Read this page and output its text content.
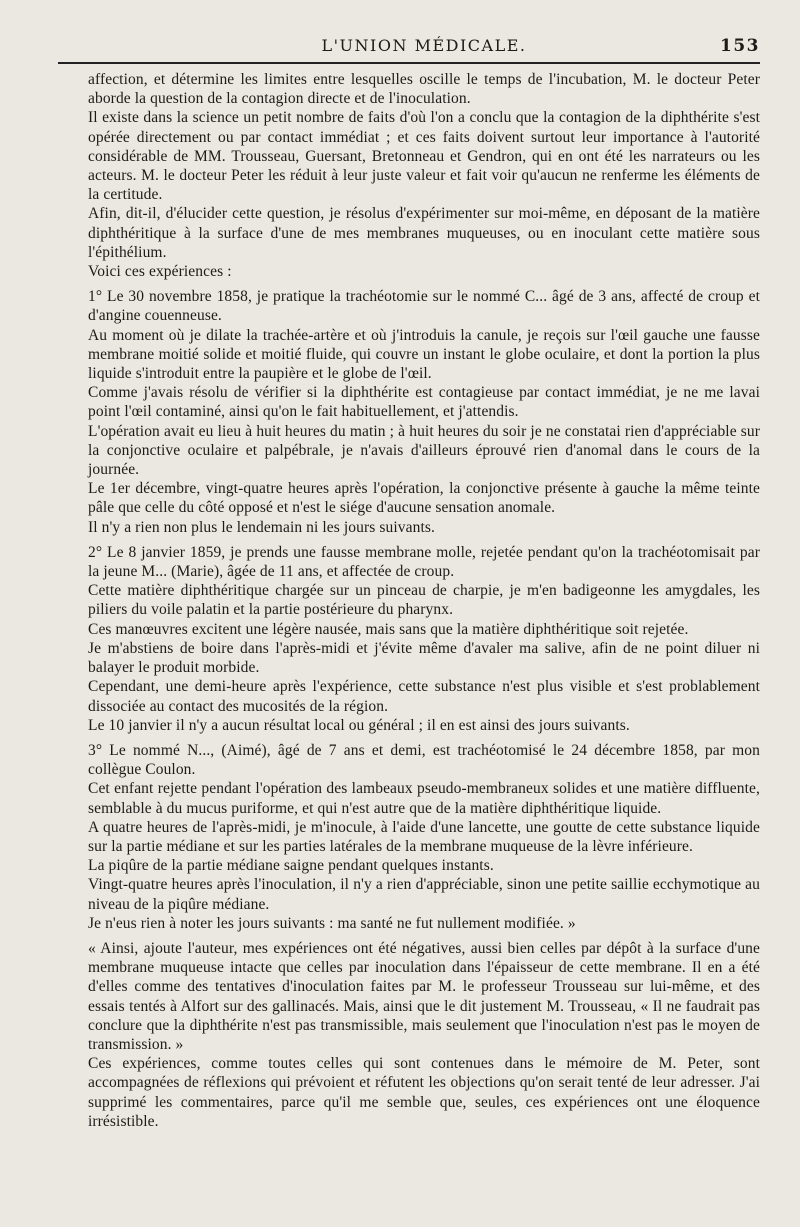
L'UNION MÉDICALE.	153

affection, et détermine les limites entre lesquelles oscille le temps de l'incubation, M. le docteur Peter aborde la question de la contagion directe et de l'inoculation.

Il existe dans la science un petit nombre de faits d'où l'on a conclu que la contagion de la diphthérite s'est opérée directement ou par contact immédiat ; et ces faits doivent surtout leur importance à l'autorité considérable de MM. Trousseau, Guersant, Bretonneau et Gendron, qui en ont été les narrateurs ou les acteurs. M. le docteur Peter les réduit à leur juste valeur et fait voir qu'aucun ne renferme les éléments de la certitude.

Afin, dit-il, d'élucider cette question, je résolus d'expérimenter sur moi-même, en déposant de la matière diphthéritique à la surface d'une de mes membranes muqueuses, ou en inoculant cette matière sous l'épithélium.

Voici ces expériences :

1° Le 30 novembre 1858, je pratique la trachéotomie sur le nommé C... âgé de 3 ans, affecté de croup et d'angine couenneuse.

Au moment où je dilate la trachée-artère et où j'introduis la canule, je reçois sur l'œil gauche une fausse membrane moitié solide et moitié fluide, qui couvre un instant le globe oculaire, et dont la portion la plus liquide s'introduit entre la paupière et le globe de l'œil.

Comme j'avais résolu de vérifier si la diphthérite est contagieuse par contact immédiat, je ne me lavai point l'œil contaminé, ainsi qu'on le fait habituellement, et j'attendis.

L'opération avait eu lieu à huit heures du matin ; à huit heures du soir je ne constatai rien d'appréciable sur la conjonctive oculaire et palpébrale, je n'avais d'ailleurs éprouvé rien d'anomal dans le cours de la journée.

Le 1er décembre, vingt-quatre heures après l'opération, la conjonctive présente à gauche la même teinte pâle que celle du côté opposé et n'est le siége d'aucune sensation anomale.

Il n'y a rien non plus le lendemain ni les jours suivants.

2° Le 8 janvier 1859, je prends une fausse membrane molle, rejetée pendant qu'on la trachéotomisait par la jeune M... (Marie), âgée de 11 ans, et affectée de croup.

Cette matière diphthéritique chargée sur un pinceau de charpie, je m'en badigeonne les amygdales, les piliers du voile palatin et la partie postérieure du pharynx.

Ces manœuvres excitent une légère nausée, mais sans que la matière diphthéritique soit rejetée.

Je m'abstiens de boire dans l'après-midi et j'évite même d'avaler ma salive, afin de ne point diluer ni balayer le produit morbide.

Cependant, une demi-heure après l'expérience, cette substance n'est plus visible et s'est problablement dissociée au contact des mucosités de la région.

Le 10 janvier il n'y a aucun résultat local ou général ; il en est ainsi des jours suivants.

3° Le nommé N..., (Aimé), âgé de 7 ans et demi, est trachéotomisé le 24 décembre 1858, par mon collègue Coulon.

Cet enfant rejette pendant l'opération des lambeaux pseudo-membraneux solides et une matière diffluente, semblable à du mucus puriforme, et qui n'est autre que de la matière diphthéritique liquide.

A quatre heures de l'après-midi, je m'inocule, à l'aide d'une lancette, une goutte de cette substance liquide sur la partie médiane et sur les parties latérales de la membrane muqueuse de la lèvre inférieure.

La piqûre de la partie médiane saigne pendant quelques instants.

Vingt-quatre heures après l'inoculation, il n'y a rien d'appréciable, sinon une petite saillie ecchymotique au niveau de la piqûre médiane.

Je n'eus rien à noter les jours suivants : ma santé ne fut nullement modifiée. »

« Ainsi, ajoute l'auteur, mes expériences ont été négatives, aussi bien celles par dépôt à la surface d'une membrane muqueuse intacte que celles par inoculation dans l'épaisseur de cette membrane. Il en a été d'elles comme des tentatives d'inoculation faites par M. le professeur Trousseau sur lui-même, et des essais tentés à Alfort sur des gallinacés. Mais, ainsi que le dit justement M. Trousseau, « Il ne faudrait pas conclure que la diphthérite n'est pas transmissible, mais seulement que l'inoculation n'est pas le moyen de transmission. »

Ces expériences, comme toutes celles qui sont contenues dans le mémoire de M. Peter, sont accompagnées de réflexions qui prévoient et réfutent les objections qu'on serait tenté de leur adresser. J'ai supprimé les commentaires, parce qu'il me semble que, seules, ces expériences ont une éloquence irrésistible.
